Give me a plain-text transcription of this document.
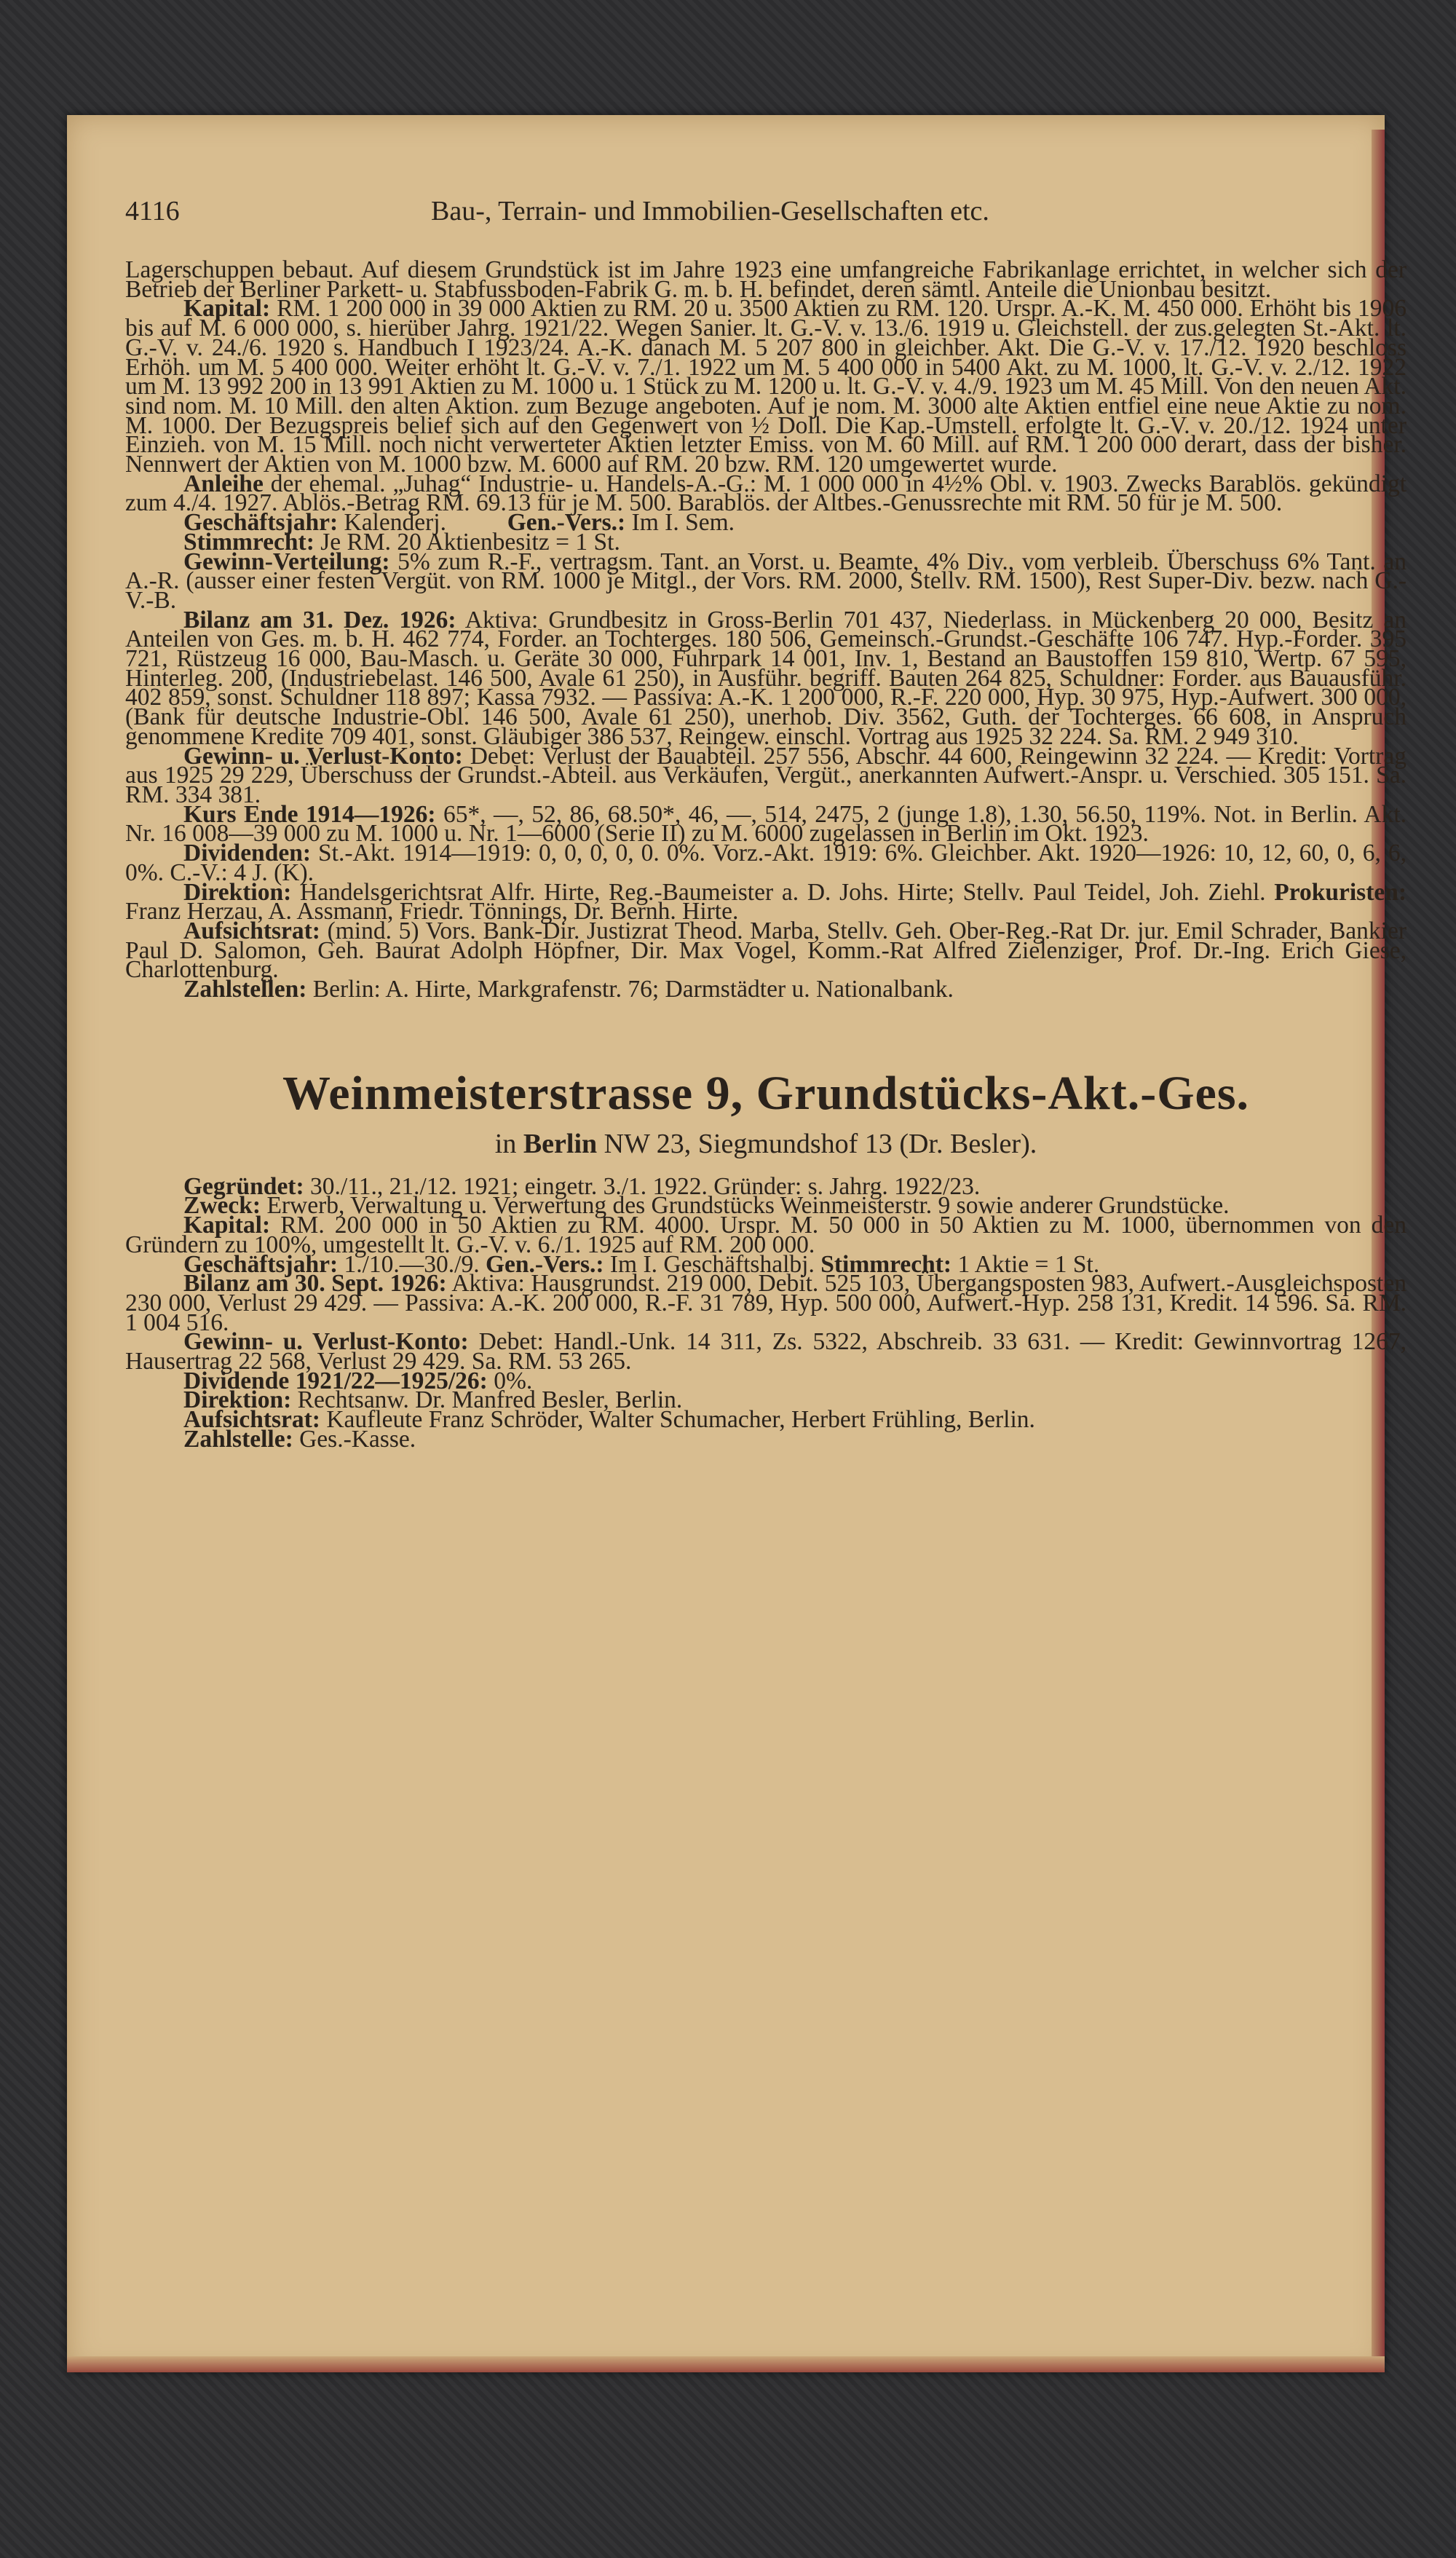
4116	Bau-, Terrain- und Immobilien-Gesellschaften etc.

Lagerschuppen bebaut. Auf diesem Grundstück ist im Jahre 1923 eine umfangreiche Fabrikanlage errichtet, in welcher sich der Betrieb der Berliner Parkett- u. Stabfussboden-Fabrik G. m. b. H. befindet, deren sämtl. Anteile die Unionbau besitzt.

Kapital: RM. 1 200 000 in 39 000 Aktien zu RM. 20 u. 3500 Aktien zu RM. 120. Urspr. A.-K. M. 450 000. Erhöht bis 1906 bis auf M. 6 000 000, s. hierüber Jahrg. 1921/22. Wegen Sanier. lt. G.-V. v. 13./6. 1919 u. Gleichstell. der zus.gelegten St.-Akt. lt. G.-V. v. 24./6. 1920 s. Handbuch I 1923/24. A.-K. danach M. 5 207 800 in gleichber. Akt. Die G.-V. v. 17./12. 1920 beschloss Erhöh. um M. 5 400 000. Weiter erhöht lt. G.-V. v. 7./1. 1922 um M. 5 400 000 in 5400 Akt. zu M. 1000, lt. G.-V. v. 2./12. 1922 um M. 13 992 200 in 13 991 Aktien zu M. 1000 u. 1 Stück zu M. 1200 u. lt. G.-V. v. 4./9. 1923 um M. 45 Mill. Von den neuen Akt. sind nom. M. 10 Mill. den alten Aktion. zum Bezuge angeboten. Auf je nom. M. 3000 alte Aktien entfiel eine neue Aktie zu nom. M. 1000. Der Bezugspreis belief sich auf den Gegenwert von ½ Doll. Die Kap.-Umstell. erfolgte lt. G.-V. v. 20./12. 1924 unter Einzieh. von M. 15 Mill. noch nicht verwerteter Aktien letzter Emiss. von M. 60 Mill. auf RM. 1 200 000 derart, dass der bisher. Nennwert der Aktien von M. 1000 bzw. M. 6000 auf RM. 20 bzw. RM. 120 umgewertet wurde.

Anleihe der ehemal. „Juhag“ Industrie- u. Handels-A.-G.: M. 1 000 000 in 4½% Obl. v. 1903. Zwecks Barablös. gekündigt zum 4./4. 1927. Ablös.-Betrag RM. 69.13 für je M. 500. Barablös. der Altbes.-Genussrechte mit RM. 50 für je M. 500.

Geschäftsjahr: Kalenderj.	Gen.-Vers.: Im I. Sem.

Stimmrecht: Je RM. 20 Aktienbesitz = 1 St.

Gewinn-Verteilung: 5% zum R.-F., vertragsm. Tant. an Vorst. u. Beamte, 4% Div., vom verbleib. Überschuss 6% Tant. an A.-R. (ausser einer festen Vergüt. von RM. 1000 je Mitgl., der Vors. RM. 2000, Stellv. RM. 1500), Rest Super-Div. bezw. nach G.-V.-B.

Bilanz am 31. Dez. 1926: Aktiva: Grundbesitz in Gross-Berlin 701 437, Niederlass. in Mückenberg 20 000, Besitz an Anteilen von Ges. m. b. H. 462 774, Forder. an Tochterges. 180 506, Gemeinsch.-Grundst.-Geschäfte 106 747. Hyp.-Forder. 395 721, Rüstzeug 16 000, Bau-Masch. u. Geräte 30 000, Fuhrpark 14 001, Inv. 1, Bestand an Baustoffen 159 810, Wertp. 67 595, Hinterleg. 200, (Industriebelast. 146 500, Avale 61 250), in Ausführ. begriff. Bauten 264 825, Schuldner: Forder. aus Bauausführ. 402 859, sonst. Schuldner 118 897; Kassa 7932. — Passiva: A.-K. 1 200 000, R.-F. 220 000, Hyp. 30 975, Hyp.-Aufwert. 300 000, (Bank für deutsche Industrie-Obl. 146 500, Avale 61 250), unerhob. Div. 3562, Guth. der Tochterges. 66 608, in Anspruch genommene Kredite 709 401, sonst. Gläubiger 386 537, Reingew. einschl. Vortrag aus 1925 32 224. Sa. RM. 2 949 310.

Gewinn- u. Verlust-Konto: Debet: Verlust der Bauabteil. 257 556, Abschr. 44 600, Reingewinn 32 224. — Kredit: Vortrag aus 1925 29 229, Überschuss der Grundst.-Abteil. aus Verkäufen, Vergüt., anerkannten Aufwert.-Anspr. u. Verschied. 305 151. Sa. RM. 334 381.

Kurs Ende 1914—1926: 65*, —, 52, 86, 68.50*, 46, —, 514, 2475, 2 (junge 1.8), 1.30, 56.50, 119%. Not. in Berlin. Akt. Nr. 16 008—39 000 zu M. 1000 u. Nr. 1—6000 (Serie II) zu M. 6000 zugelassen in Berlin im Okt. 1923.

Dividenden: St.-Akt. 1914—1919: 0, 0, 0, 0, 0. 0%. Vorz.-Akt. 1919: 6%. Gleichber. Akt. 1920—1926: 10, 12, 60, 0, 6, 6, 0%. C.-V.: 4 J. (K).

Direktion: Handelsgerichtsrat Alfr. Hirte, Reg.-Baumeister a. D. Johs. Hirte; Stellv. Paul Teidel, Joh. Ziehl. Prokuristen: Franz Herzau, A. Assmann, Friedr. Tönnings, Dr. Bernh. Hirte.

Aufsichtsrat: (mind. 5) Vors. Bank-Dir. Justizrat Theod. Marba, Stellv. Geh. Ober-Reg.-Rat Dr. jur. Emil Schrader, Bankier Paul D. Salomon, Geh. Baurat Adolph Höpfner, Dir. Max Vogel, Komm.-Rat Alfred Zielenziger, Prof. Dr.-Ing. Erich Giese, Charlottenburg.

Zahlstellen: Berlin: A. Hirte, Markgrafenstr. 76; Darmstädter u. Nationalbank.

Weinmeisterstrasse 9, Grundstücks-Akt.-Ges.
in Berlin NW 23, Siegmundshof 13 (Dr. Besler).

Gegründet: 30./11., 21./12. 1921; eingetr. 3./1. 1922. Gründer: s. Jahrg. 1922/23.

Zweck: Erwerb, Verwaltung u. Verwertung des Grundstücks Weinmeisterstr. 9 sowie anderer Grundstücke.

Kapital: RM. 200 000 in 50 Aktien zu RM. 4000. Urspr. M. 50 000 in 50 Aktien zu M. 1000, übernommen von den Gründern zu 100%, umgestellt lt. G.-V. v. 6./1. 1925 auf RM. 200 000.

Geschäftsjahr: 1./10.—30./9. Gen.-Vers.: Im I. Geschäftshalbj. Stimmrecht: 1 Aktie = 1 St.

Bilanz am 30. Sept. 1926: Aktiva: Hausgrundst. 219 000, Debit. 525 103, Übergangsposten 983, Aufwert.-Ausgleichsposten 230 000, Verlust 29 429. — Passiva: A.-K. 200 000, R.-F. 31 789, Hyp. 500 000, Aufwert.-Hyp. 258 131, Kredit. 14 596. Sa. RM. 1 004 516.

Gewinn- u. Verlust-Konto: Debet: Handl.-Unk. 14 311, Zs. 5322, Abschreib. 33 631. — Kredit: Gewinnvortrag 1267, Hausertrag 22 568, Verlust 29 429. Sa. RM. 53 265.

Dividende 1921/22—1925/26: 0%.

Direktion: Rechtsanw. Dr. Manfred Besler, Berlin.

Aufsichtsrat: Kaufleute Franz Schröder, Walter Schumacher, Herbert Frühling, Berlin.

Zahlstelle: Ges.-Kasse.
